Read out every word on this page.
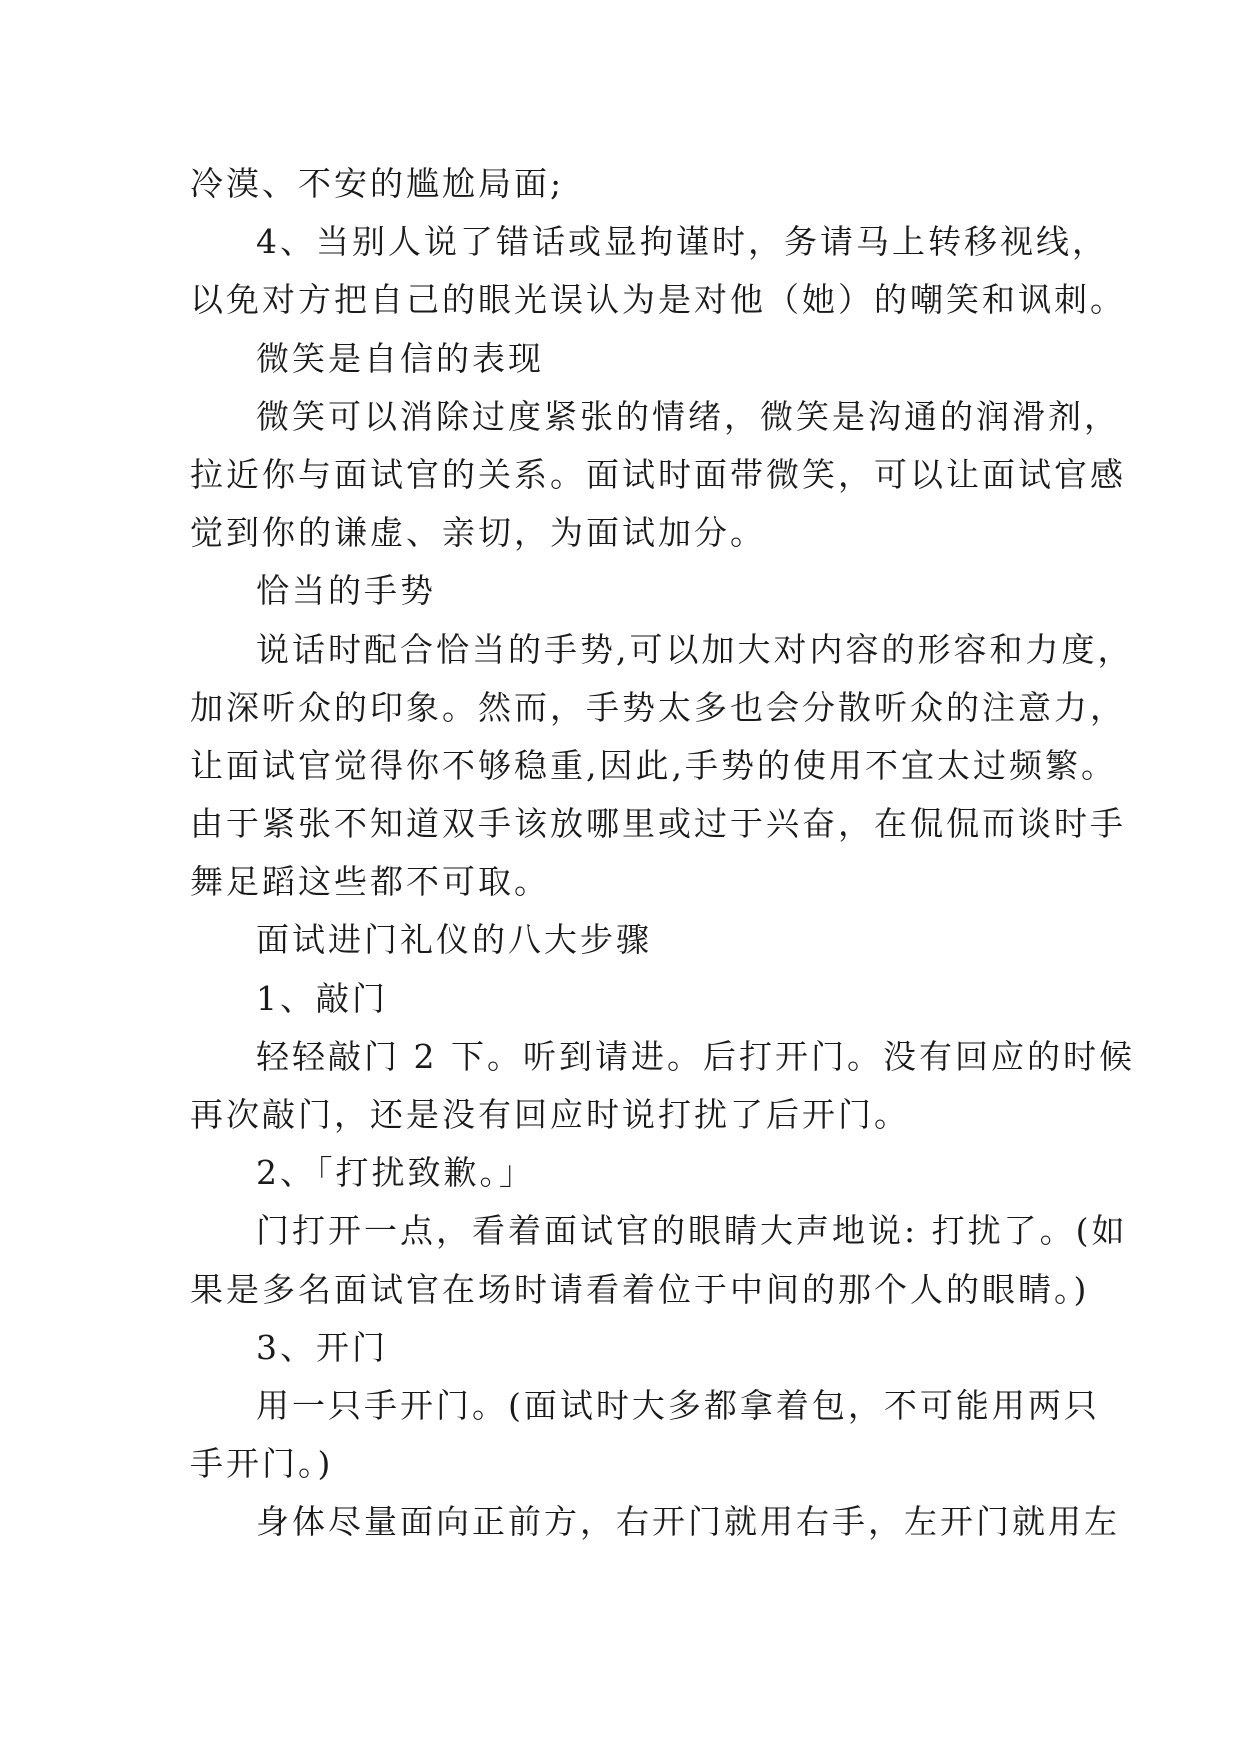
冷漠、不安的尴尬局面;

4、当别人说了错话或显拘谨时，务请马上转移视线，

以免对方把自己的眼光误认为是对他（她）的嘲笑和讽刺。

微笑是自信的表现

微笑可以消除过度紧张的情绪，微笑是沟通的润滑剂，

拉近你与面试官的关系。面试时面带微笑，可以让面试官感

觉到你的谦虚、亲切，为面试加分。

恰当的手势

说话时配合恰当的手势,可以加大对内容的形容和力度，

加深听众的印象。然而，手势太多也会分散听众的注意力，

让面试官觉得你不够稳重,因此,手势的使用不宜太过频繁。

由于紧张不知道双手该放哪里或过于兴奋，在侃侃而谈时手

舞足蹈这些都不可取。

面试进门礼仪的八大步骤

1、敲门

轻轻敲门 2 下。听到请进。后打开门。没有回应的时候

再次敲门，还是没有回应时说打扰了后开门。

2、「打扰致歉。」

门打开一点，看着面试官的眼睛大声地说: 打扰了。(如

果是多名面试官在场时请看着位于中间的那个人的眼睛。)

3、开门

用一只手开门。(面试时大多都拿着包，不可能用两只

手开门。)

身体尽量面向正前方，右开门就用右手，左开门就用左
